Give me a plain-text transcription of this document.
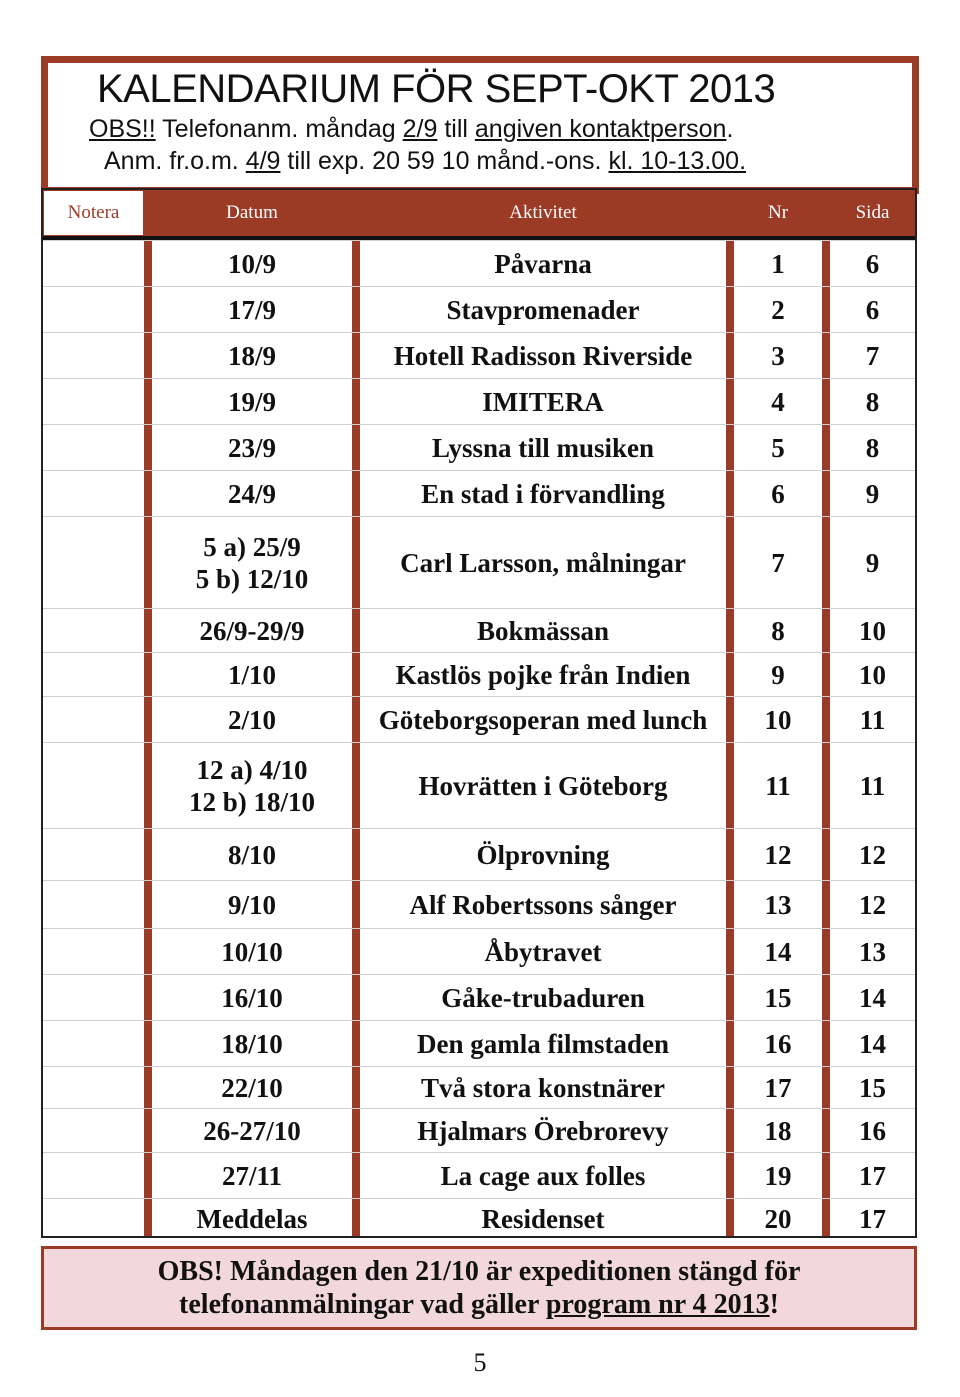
KALENDARIUM FÖR SEPT-OKT 2013
OBS!! Telefonanm. måndag 2/9 till angiven kontaktperson.
Anm. fr.o.m. 4/9 till exp. 20 59 10 månd.-ons. kl. 10-13.00.
Notera	Datum	Aktivitet	Nr	Sida
10/9	Påvarna	1	6
17/9	Stavpromenader	2	6
18/9	Hotell Radisson Riverside	3	7
19/9	IMITERA	4	8
23/9	Lyssna till musiken	5	8
24/9	En stad i förvandling	6	9
5 a) 25/9
5 b) 12/10
Carl Larsson, målningar	7	9
26/9-29/9	Bokmässan	8	10
1/10	Kastlös pojke från Indien	9	10
2/10	Göteborgsoperan med lunch	10	11
12 a) 4/10
12 b) 18/10
Hovrätten i Göteborg	11	11
8/10	Ölprovning	12	12
9/10	Alf Robertssons sånger	13	12
10/10	Åbytravet	14	13
16/10	Gåke-trubaduren	15	14
18/10	Den gamla filmstaden	16	14
22/10	Två stora konstnärer	17	15
26-27/10	Hjalmars Örebrorevy	18	16
27/11	La cage aux folles	19	17
Meddelas	Residenset	20	17
OBS! Måndagen den 21/10 är expeditionen stängd för
telefonanmälningar vad gäller program nr 4 2013!
5
